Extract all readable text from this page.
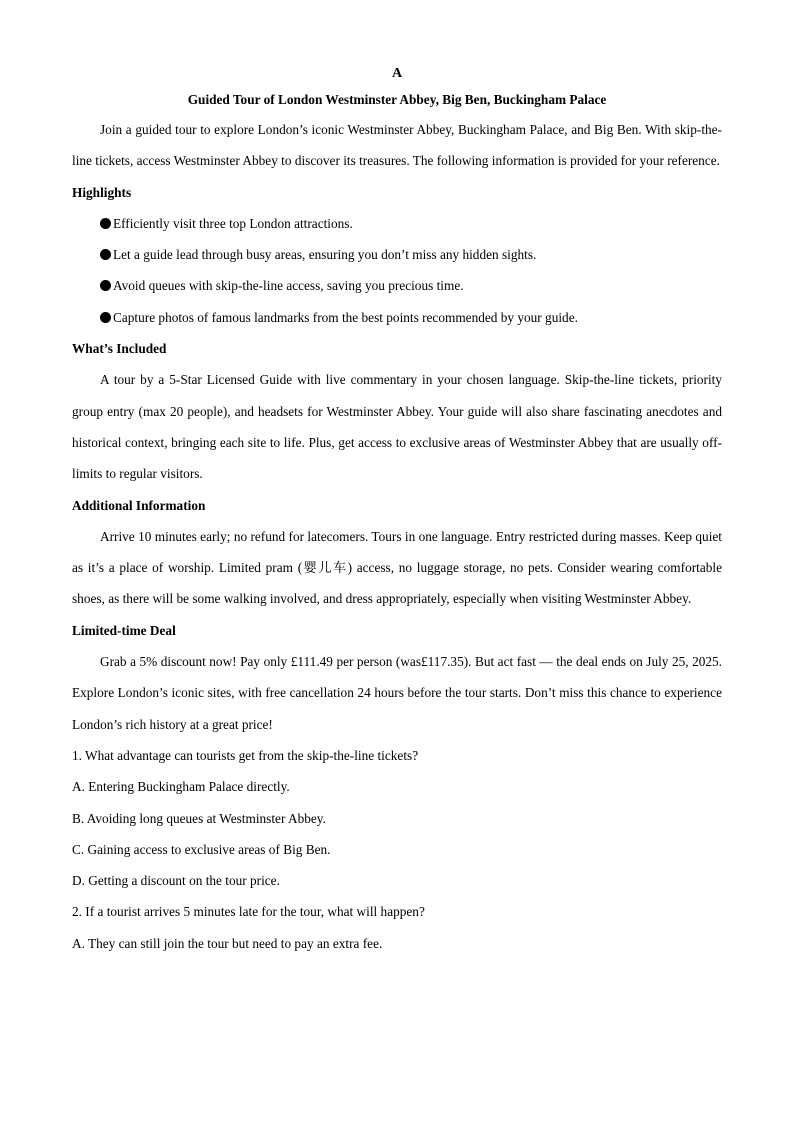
A
Guided Tour of London Westminster Abbey, Big Ben, Buckingham Palace

Join a guided tour to explore London’s iconic Westminster Abbey, Buckingham Palace, and Big Ben. With skip-the-line tickets, access Westminster Abbey to discover its treasures. The following information is provided for your reference.

Highlights

Efficiently visit three top London attractions.
Let a guide lead through busy areas, ensuring you don’t miss any hidden sights.
Avoid queues with skip-the-line access, saving you precious time.
Capture photos of famous landmarks from the best points recommended by your guide.

What’s Included

A tour by a 5-Star Licensed Guide with live commentary in your chosen language. Skip-the-line tickets, priority group entry (max 20 people), and headsets for Westminster Abbey. Your guide will also share fascinating anecdotes and historical context, bringing each site to life. Plus, get access to exclusive areas of Westminster Abbey that are usually off-limits to regular visitors.

Additional Information

Arrive 10 minutes early; no refund for latecomers. Tours in one language. Entry restricted during masses. Keep quiet as it’s a place of worship. Limited pram (婴儿车) access, no luggage storage, no pets. Consider wearing comfortable shoes, as there will be some walking involved, and dress appropriately, especially when visiting Westminster Abbey.

Limited-time Deal

Grab a 5% discount now! Pay only £111.49 per person (was£117.35). But act fast — the deal ends on July 25, 2025. Explore London’s iconic sites, with free cancellation 24 hours before the tour starts. Don’t miss this chance to experience London’s rich history at a great price!

1. What advantage can tourists get from the skip-the-line tickets?

A. Entering Buckingham Palace directly.

B. Avoiding long queues at Westminster Abbey.

C. Gaining access to exclusive areas of Big Ben.

D. Getting a discount on the tour price.

2. If a tourist arrives 5 minutes late for the tour, what will happen?

A. They can still join the tour but need to pay an extra fee.
